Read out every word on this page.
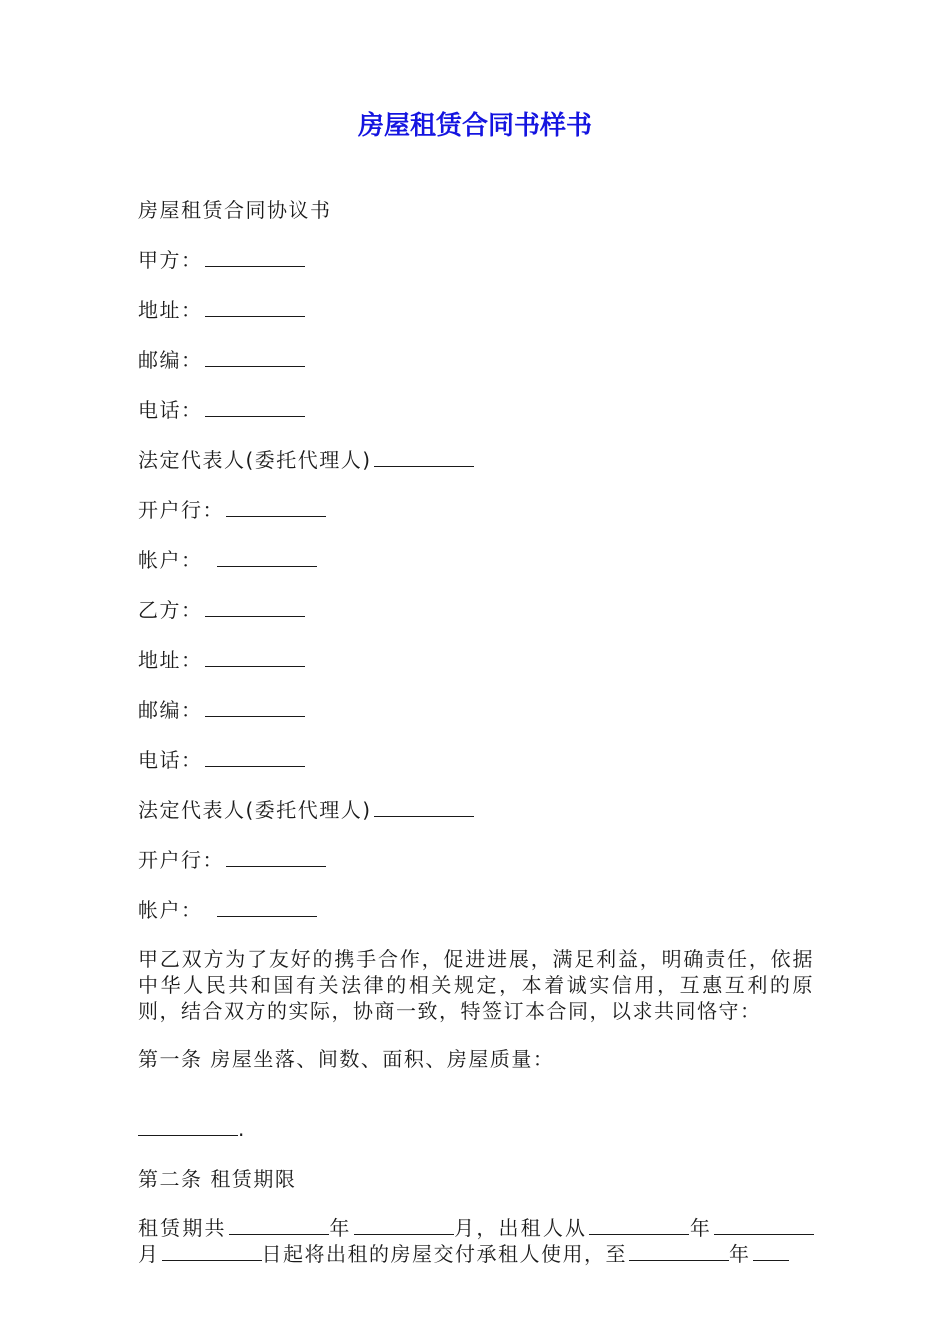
房屋租赁合同书样书
房屋租赁合同协议书
甲方：
地址：
邮编：
电话：
法定代表人(委托代理人)
开户行：
帐户：
乙方：
地址：
邮编：
电话：
法定代表人(委托代理人)
开户行：
帐户：
甲乙双方为了友好的携手合作，促进进展，满足利益，明确责任，依据中华人民共和国有关法律的相关规定，本着诚实信用，互惠互利的原则，结合双方的实际，协商一致，特签订本合同，以求共同恪守：
第一条 房屋坐落、间数、面积、房屋质量：
.
第二条 租赁期限
租赁期共	年	月，出租人从	年月	日起将出租的房屋交付承租人使用，至	年
